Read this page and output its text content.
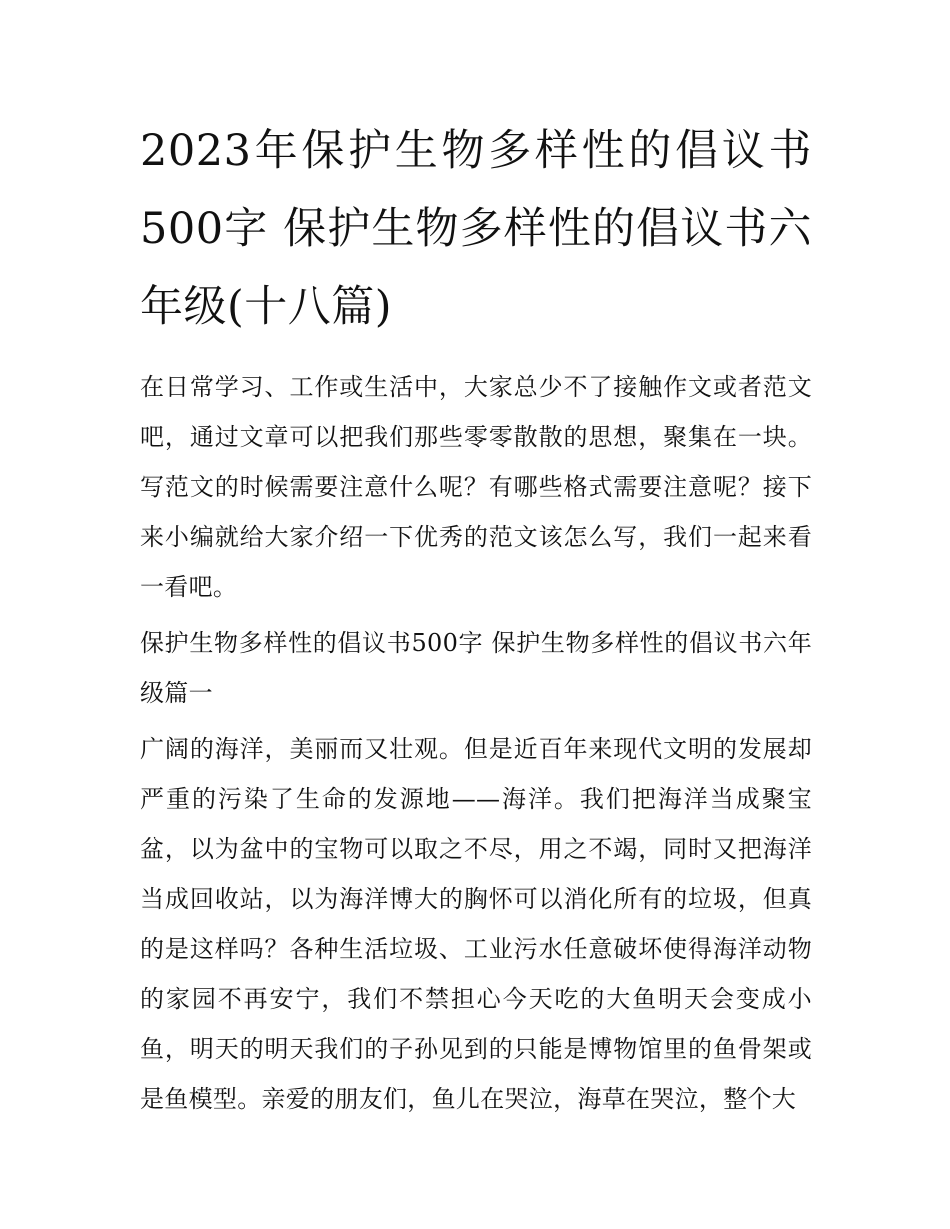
2023年保护生物多样性的倡议书500字 保护生物多样性的倡议书六年级(十八篇)

在日常学习、工作或生活中，大家总少不了接触作文或者范文吧，通过文章可以把我们那些零零散散的思想，聚集在一块。写范文的时候需要注意什么呢？有哪些格式需要注意呢？接下来小编就给大家介绍一下优秀的范文该怎么写，我们一起来看一看吧。

保护生物多样性的倡议书500字 保护生物多样性的倡议书六年级篇一

广阔的海洋，美丽而又壮观。但是近百年来现代文明的发展却严重的污染了生命的发源地——海洋。我们把海洋当成聚宝盆，以为盆中的宝物可以取之不尽，用之不竭，同时又把海洋当成回收站，以为海洋博大的胸怀可以消化所有的垃圾，但真的是这样吗？各种生活垃圾、工业污水任意破坏使得海洋动物的家园不再安宁，我们不禁担心今天吃的大鱼明天会变成小鱼，明天的明天我们的子孙见到的只能是博物馆里的鱼骨架或是鱼模型。亲爱的朋友们，鱼儿在哭泣，海草在哭泣，整个大
